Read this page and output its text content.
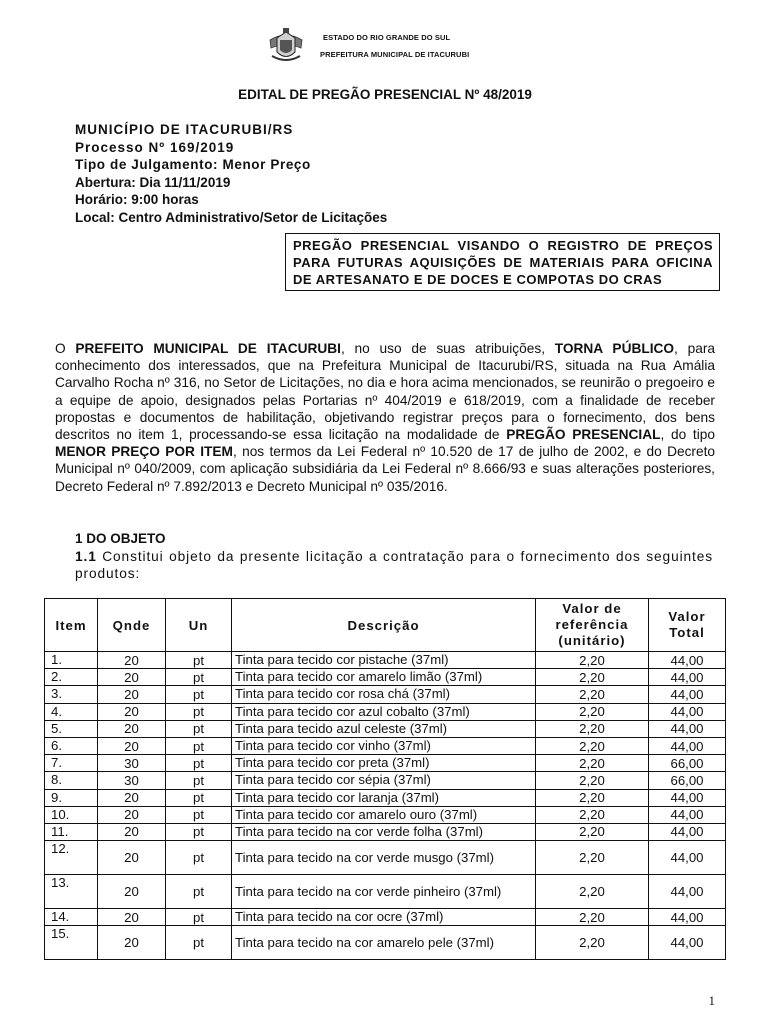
ESTADO DO RIO GRANDE DO SUL
PREFEITURA MUNICIPAL DE ITACURUBI
EDITAL DE PREGÃO PRESENCIAL Nº 48/2019
MUNICÍPIO DE ITACURUBI/RS
Processo Nº 169/2019
Tipo de Julgamento: Menor Preço
Abertura: Dia 11/11/2019
Horário: 9:00 horas
Local: Centro Administrativo/Setor de Licitações
PREGÃO PRESENCIAL VISANDO O REGISTRO DE PREÇOS PARA FUTURAS AQUISIÇÕES DE MATERIAIS PARA OFICINA DE ARTESANATO E DE DOCES E COMPOTAS DO CRAS
O PREFEITO MUNICIPAL DE ITACURUBI, no uso de suas atribuições, TORNA PÚBLICO, para conhecimento dos interessados, que na Prefeitura Municipal de Itacurubi/RS, situada na Rua Amália Carvalho Rocha nº 316, no Setor de Licitações, no dia e hora acima mencionados, se reunirão o pregoeiro e a equipe de apoio, designados pelas Portarias nº 404/2019 e 618/2019, com a finalidade de receber propostas e documentos de habilitação, objetivando registrar preços para o fornecimento, dos bens descritos no item 1, processando-se essa licitação na modalidade de PREGÃO PRESENCIAL, do tipo MENOR PREÇO POR ITEM, nos termos da Lei Federal nº 10.520 de 17 de julho de 2002, e do Decreto Municipal nº 040/2009, com aplicação subsidiária da Lei Federal nº 8.666/93 e suas alterações posteriores, Decreto Federal nº 7.892/2013 e Decreto Municipal nº 035/2016.
1 DO OBJETO
1.1 Constitui objeto da presente licitação a contratação para o fornecimento dos seguintes produtos:
Item	Qnde	Un	Descrição	Valor de referência (unitário)	Valor Total
1.	20	pt	Tinta para tecido cor pistache (37ml)	2,20	44,00
2.	20	pt	Tinta para tecido cor amarelo limão (37ml)	2,20	44,00
3.	20	pt	Tinta para tecido cor rosa chá (37ml)	2,20	44,00
4.	20	pt	Tinta para tecido cor azul cobalto (37ml)	2,20	44,00
5.	20	pt	Tinta para tecido azul celeste (37ml)	2,20	44,00
6.	20	pt	Tinta para tecido cor vinho (37ml)	2,20	44,00
7.	30	pt	Tinta para tecido cor preta (37ml)	2,20	66,00
8.	30	pt	Tinta para tecido cor sépia (37ml)	2,20	66,00
9.	20	pt	Tinta para tecido cor laranja (37ml)	2,20	44,00
10.	20	pt	Tinta para tecido cor amarelo ouro (37ml)	2,20	44,00
11.	20	pt	Tinta para tecido na cor verde folha (37ml)	2,20	44,00
12.	20	pt	Tinta para tecido na cor verde musgo (37ml)	2,20	44,00
13.	20	pt	Tinta para tecido na cor verde pinheiro (37ml)	2,20	44,00
14.	20	pt	Tinta para tecido na cor ocre (37ml)	2,20	44,00
15.	20	pt	Tinta para tecido na cor amarelo pele (37ml)	2,20	44,00
1
